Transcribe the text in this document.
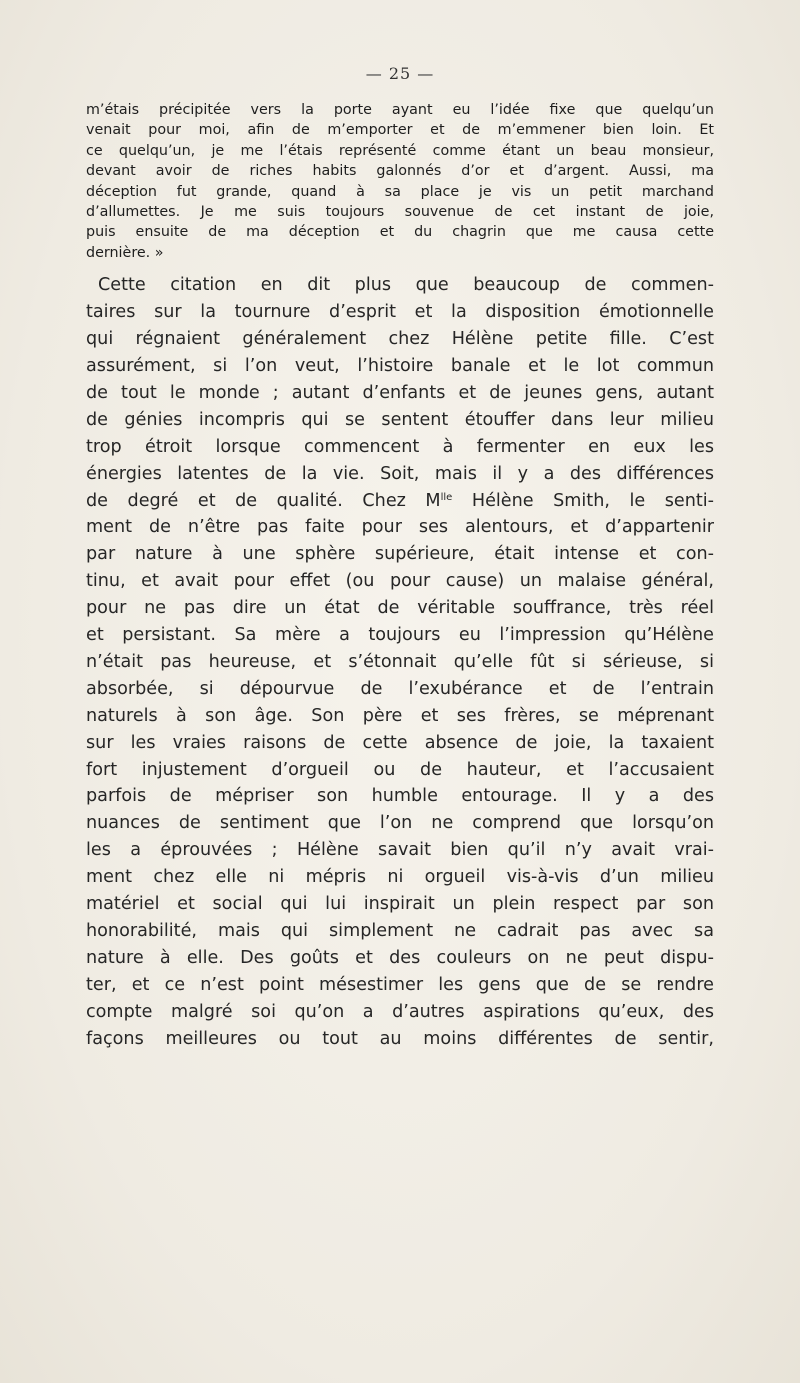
— 25 —
m’étais précipitée vers la porte ayant eu l’idée fixe que quelqu’un
venait pour moi, afin de m’emporter et de m’emmener bien loin. Et
ce quelqu’un, je me l’étais représenté comme étant un beau monsieur,
devant avoir de riches habits galonnés d’or et d’argent. Aussi, ma
déception fut grande, quand à sa place je vis un petit marchand
d’allumettes. Je me suis toujours souvenue de cet instant de joie,
puis ensuite de ma déception et du chagrin que me causa cette
dernière. »
Cette citation en dit plus que beaucoup de commen-
taires sur la tournure d’esprit et la disposition émotionnelle
qui régnaient généralement chez Hélène petite fille. C’est
assurément, si l’on veut, l’histoire banale et le lot commun
de tout le monde ; autant d’enfants et de jeunes gens, autant
de génies incompris qui se sentent étouffer dans leur milieu
trop étroit lorsque commencent à fermenter en eux les
énergies latentes de la vie. Soit, mais il y a des différences
de degré et de qualité. Chez $M^{lle}$ Hélène Smith, le senti-
ment de n’être pas faite pour ses alentours, et d’appartenir
par nature à une sphère supérieure, était intense et con-
tinu, et avait pour effet (ou pour cause) un malaise général,
pour ne pas dire un état de véritable souffrance, très réel
et persistant. Sa mère a toujours eu l’impression qu’Hélène
n’était pas heureuse, et s’étonnait qu’elle fût si sérieuse, si
absorbée, si dépourvue de l’exubérance et de l’entrain
naturels à son âge. Son père et ses frères, se méprenant
sur les vraies raisons de cette absence de joie, la taxaient
fort injustement d’orgueil ou de hauteur, et l’accusaient
parfois de mépriser son humble entourage. Il y a des
nuances de sentiment que l’on ne comprend que lorsqu’on
les a éprouvées ; Hélène savait bien qu’il n’y avait vrai-
ment chez elle ni mépris ni orgueil vis-à-vis d’un milieu
matériel et social qui lui inspirait un plein respect par son
honorabilité, mais qui simplement ne cadrait pas avec sa
nature à elle. Des goûts et des couleurs on ne peut dispu-
ter, et ce n’est point mésestimer les gens que de se rendre
compte malgré soi qu’on a d’autres aspirations qu’eux, des
façons meilleures ou tout au moins différentes de sentir,
